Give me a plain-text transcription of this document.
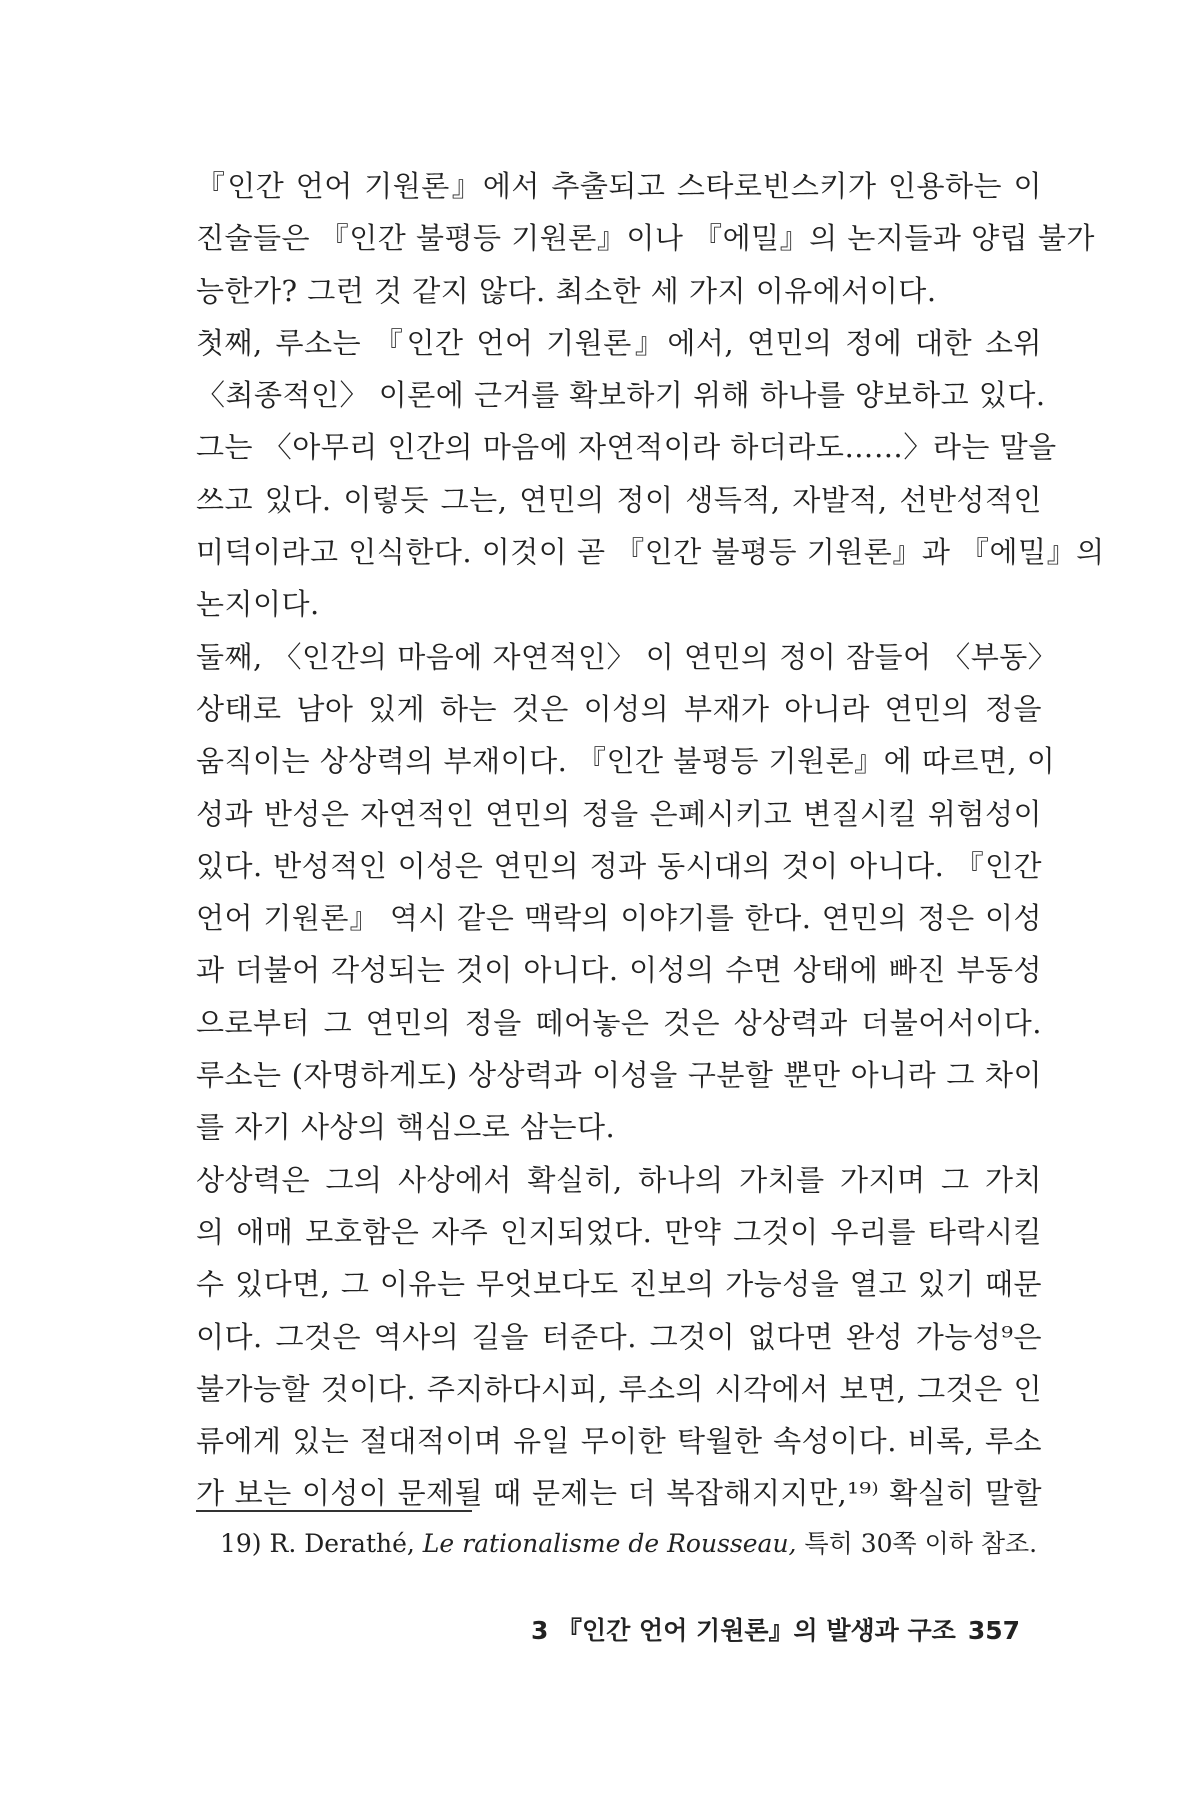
『인간 언어 기원론』에서 추출되고 스타로빈스키가 인용하는 이
진술들은 『인간 불평등 기원론』이나 『에밀』의 논지들과 양립 불가
능한가? 그런 것 같지 않다. 최소한 세 가지 이유에서이다.
첫째, 루소는 『인간 언어 기원론』에서, 연민의 정에 대한 소위
〈최종적인〉 이론에 근거를 확보하기 위해 하나를 양보하고 있다.
그는 〈아무리 인간의 마음에 자연적이라 하더라도……〉라는 말을
쓰고 있다. 이렇듯 그는, 연민의 정이 생득적, 자발적, 선반성적인
미덕이라고 인식한다. 이것이 곧 『인간 불평등 기원론』과 『에밀』의
논지이다.
둘째, 〈인간의 마음에 자연적인〉 이 연민의 정이 잠들어 〈부동〉
상태로 남아 있게 하는 것은 이성의 부재가 아니라 연민의 정을
움직이는 상상력의 부재이다. 『인간 불평등 기원론』에 따르면, 이
성과 반성은 자연적인 연민의 정을 은폐시키고 변질시킬 위험성이
있다. 반성적인 이성은 연민의 정과 동시대의 것이 아니다. 『인간
언어 기원론』 역시 같은 맥락의 이야기를 한다. 연민의 정은 이성
과 더불어 각성되는 것이 아니다. 이성의 수면 상태에 빠진 부동성
으로부터 그 연민의 정을 떼어놓은 것은 상상력과 더불어서이다.
루소는 (자명하게도) 상상력과 이성을 구분할 뿐만 아니라 그 차이
를 자기 사상의 핵심으로 삼는다.
상상력은 그의 사상에서 확실히, 하나의 가치를 가지며 그 가치
의 애매 모호함은 자주 인지되었다. 만약 그것이 우리를 타락시킬
수 있다면, 그 이유는 무엇보다도 진보의 가능성을 열고 있기 때문
이다. 그것은 역사의 길을 터준다. 그것이 없다면 완성 가능성⁹은
불가능할 것이다. 주지하다시피, 루소의 시각에서 보면, 그것은 인
류에게 있는 절대적이며 유일 무이한 탁월한 속성이다. 비록, 루소
가 보는 이성이 문제될 때 문제는 더 복잡해지지만,¹⁹⁾ 확실히 말할
19) R. Derathé, Le rationalisme de Rousseau, 특히 30쪽 이하 참조.
3 『인간 언어 기원론』의 발생과 구조 357
